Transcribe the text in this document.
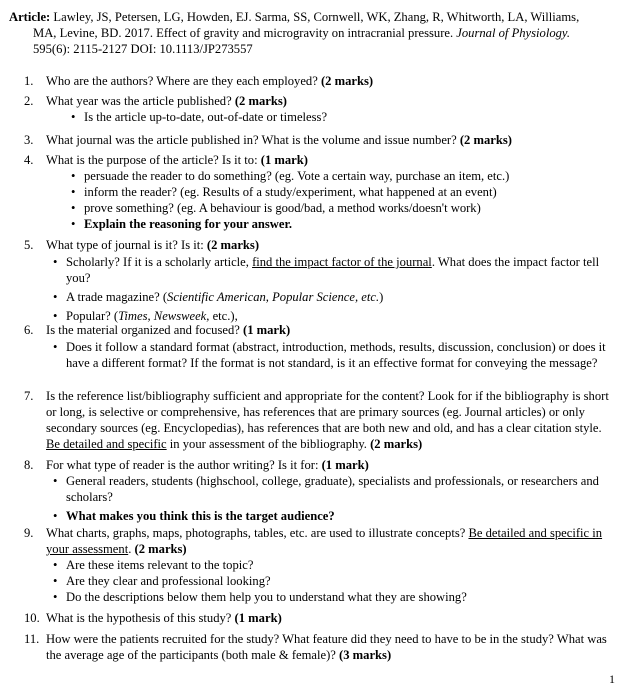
Article: Lawley, JS, Petersen, LG, Howden, EJ. Sarma, SS, Cornwell, WK, Zhang, R, Whitworth, LA, Williams,
MA, Levine, BD. 2017. Effect of gravity and microgravity on intracranial pressure. Journal of Physiology.
595(6): 2115-2127 DOI: 10.1113/JP273557
1. Who are the authors? Where are they each employed? (2 marks)
2. What year was the article published? (2 marks)
• Is the article up-to-date, out-of-date or timeless?
3. What journal was the article published in? What is the volume and issue number? (2 marks)
4. What is the purpose of the article? Is it to: (1 mark)
• persuade the reader to do something? (eg. Vote a certain way, purchase an item, etc.)
• inform the reader? (eg. Results of a study/experiment, what happened at an event)
• prove something? (eg. A behaviour is good/bad, a method works/doesn't work)
• Explain the reasoning for your answer.
5. What type of journal is it? Is it: (2 marks)
• Scholarly? If it is a scholarly article, find the impact factor of the journal. What does the impact factor tell you?
• A trade magazine? (Scientific American, Popular Science, etc.)
• Popular? (Times, Newsweek, etc.),
6. Is the material organized and focused? (1 mark)
• Does it follow a standard format (abstract, introduction, methods, results, discussion, conclusion) or does it have a different format? If the format is not standard, is it an effective format for conveying the message?
7. Is the reference list/bibliography sufficient and appropriate for the content? Look for if the bibliography is short or long, is selective or comprehensive, has references that are primary sources (eg. Journal articles) or only secondary sources (eg. Encyclopedias), has references that are both new and old, and has a clear citation style. Be detailed and specific in your assessment of the bibliography. (2 marks)
8. For what type of reader is the author writing? Is it for: (1 mark)
• General readers, students (highschool, college, graduate), specialists and professionals, or researchers and scholars?
• What makes you think this is the target audience?
9. What charts, graphs, maps, photographs, tables, etc. are used to illustrate concepts? Be detailed and specific in your assessment. (2 marks)
• Are these items relevant to the topic?
• Are they clear and professional looking?
• Do the descriptions below them help you to understand what they are showing?
10. What is the hypothesis of this study? (1 mark)
11. How were the patients recruited for the study? What feature did they need to have to be in the study? What was the average age of the participants (both male & female)? (3 marks)
1
